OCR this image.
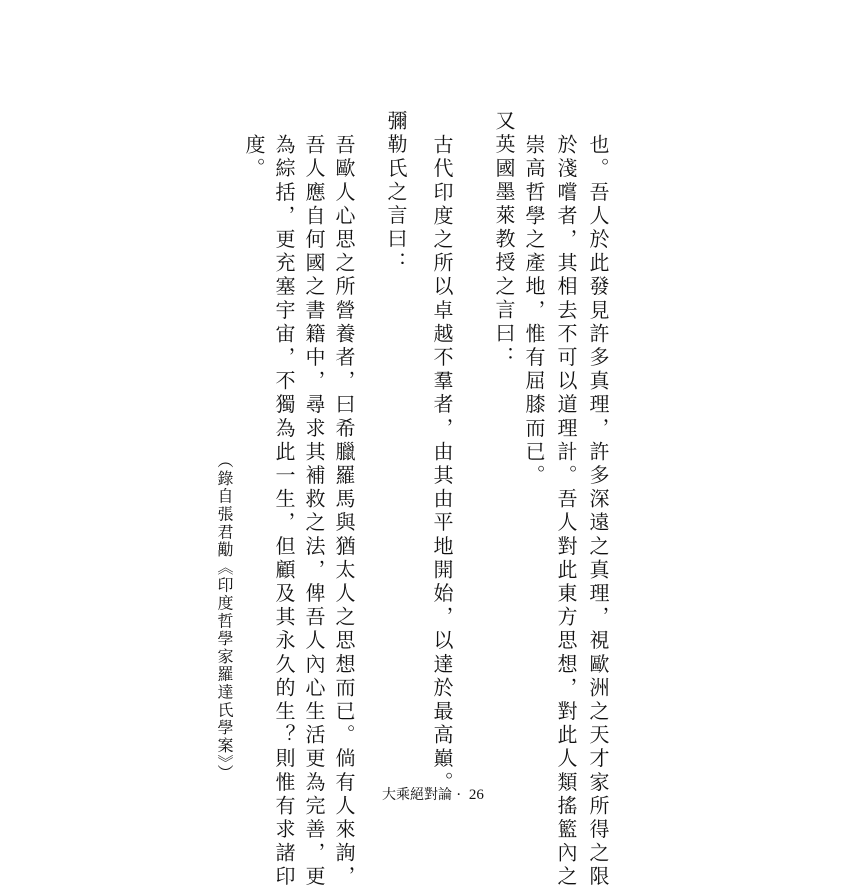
也。吾人於此發見許多真理，許多深遠之真理，視歐洲之天才家所得之限
於淺嚐者，其相去不可以道理計。吾人對此東方思想，對此人類搖籃內之
崇高哲學之產地，惟有屈膝而已。
又英國墨萊教授之言曰：
古代印度之所以卓越不羣者，由其由平地開始，以達於最高巔。
彌勒氏之言曰：
吾歐人心思之所營養者，曰希臘羅馬與猶太人之思想而已。倘有人來詢，
吾人應自何國之書籍中，尋求其補救之法，俾吾人內心生活更為完善，更
為綜括，更充塞宇宙，不獨為此一生，但顧及其永久的生？則惟有求諸印
度。
（錄自張君勱《印度哲學家羅達氏學案》）
大乘絕對論 · 26
